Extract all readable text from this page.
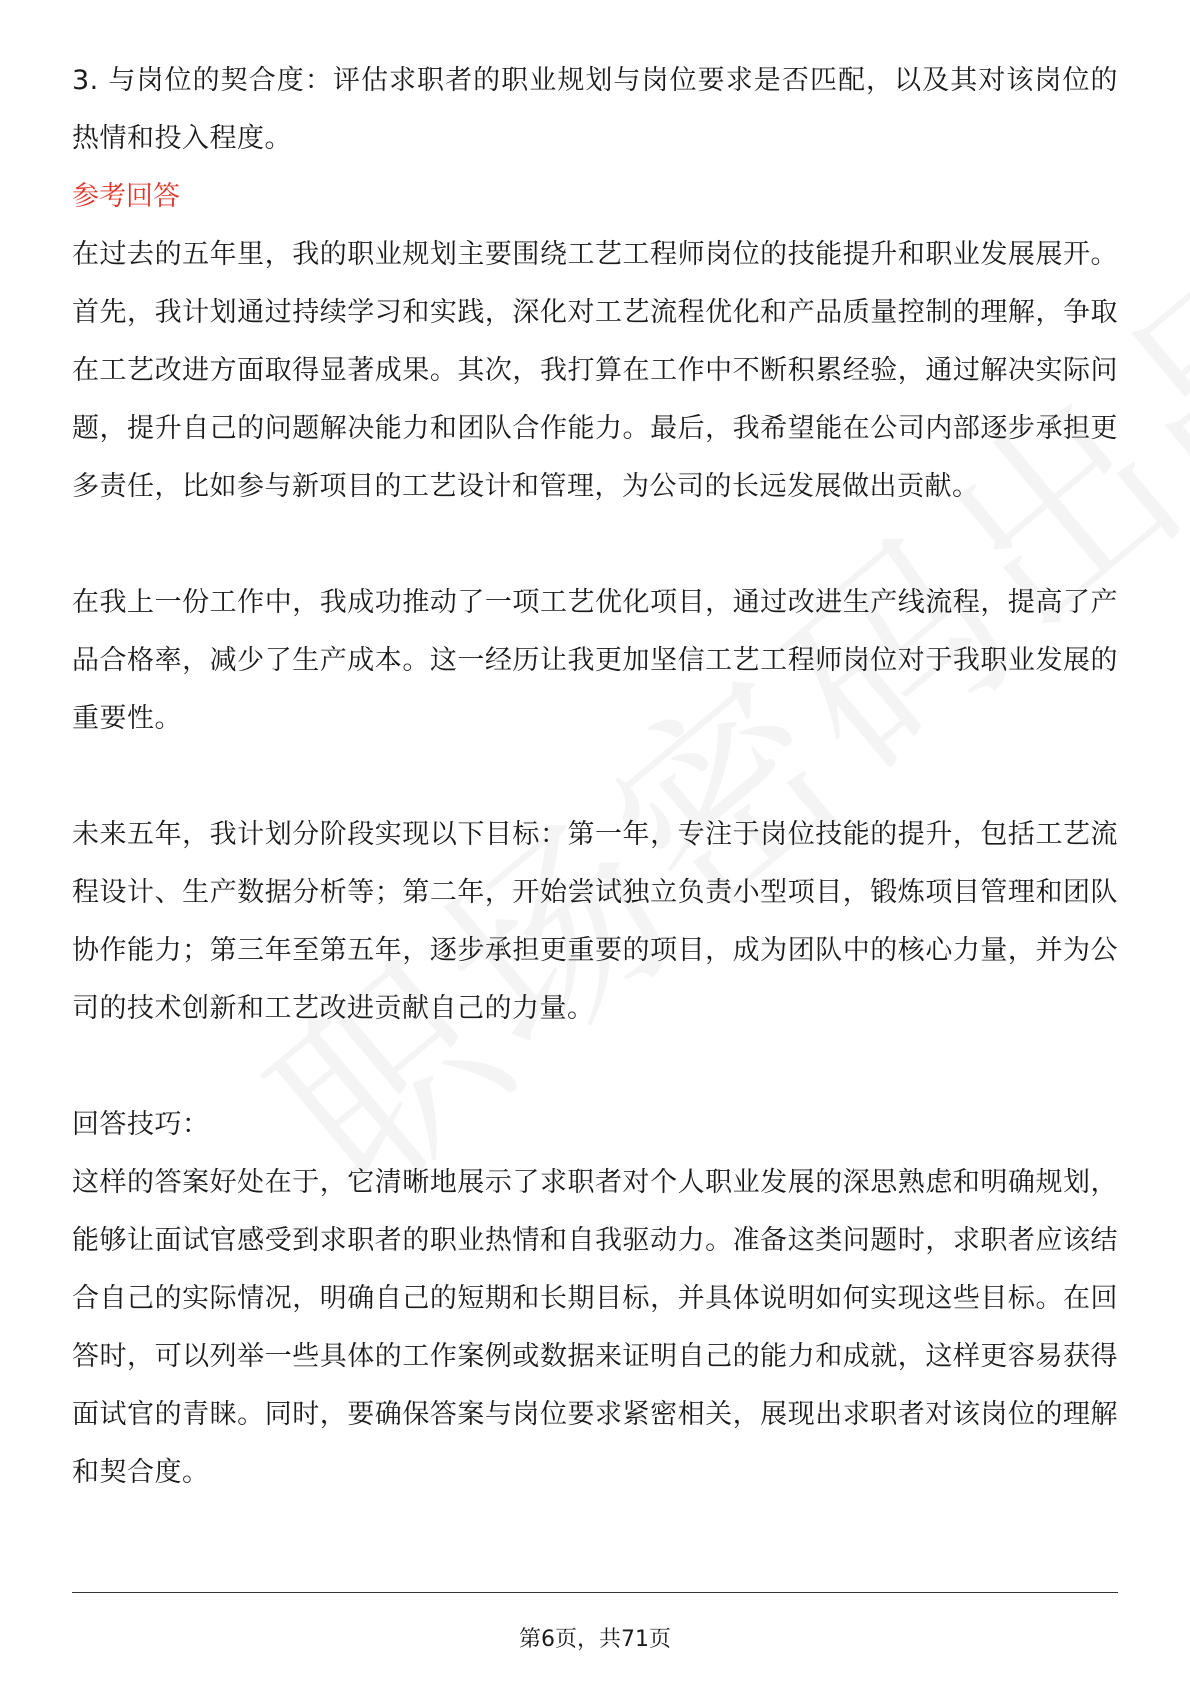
3. 与岗位的契合度：评估求职者的职业规划与岗位要求是否匹配，以及其对该岗位的热情和投入程度。

参考回答

在过去的五年里，我的职业规划主要围绕工艺工程师岗位的技能提升和职业发展展开。首先，我计划通过持续学习和实践，深化对工艺流程优化和产品质量控制的理解，争取在工艺改进方面取得显著成果。其次，我打算在工作中不断积累经验，通过解决实际问题，提升自己的问题解决能力和团队合作能力。最后，我希望能在公司内部逐步承担更多责任，比如参与新项目的工艺设计和管理，为公司的长远发展做出贡献。

在我上一份工作中，我成功推动了一项工艺优化项目，通过改进生产线流程，提高了产品合格率，减少了生产成本。这一经历让我更加坚信工艺工程师岗位对于我职业发展的重要性。

未来五年，我计划分阶段实现以下目标：第一年，专注于岗位技能的提升，包括工艺流程设计、生产数据分析等；第二年，开始尝试独立负责小型项目，锻炼项目管理和团队协作能力；第三年至第五年，逐步承担更重要的项目，成为团队中的核心力量，并为公司的技术创新和工艺改进贡献自己的力量。

回答技巧：

这样的答案好处在于，它清晰地展示了求职者对个人职业发展的深思熟虑和明确规划，能够让面试官感受到求职者的职业热情和自我驱动力。准备这类问题时，求职者应该结合自己的实际情况，明确自己的短期和长期目标，并具体说明如何实现这些目标。在回答时，可以列举一些具体的工作案例或数据来证明自己的能力和成就，这样更容易获得面试官的青睐。同时，要确保答案与岗位要求紧密相关，展现出求职者对该岗位的理解和契合度。

第6页，共71页
